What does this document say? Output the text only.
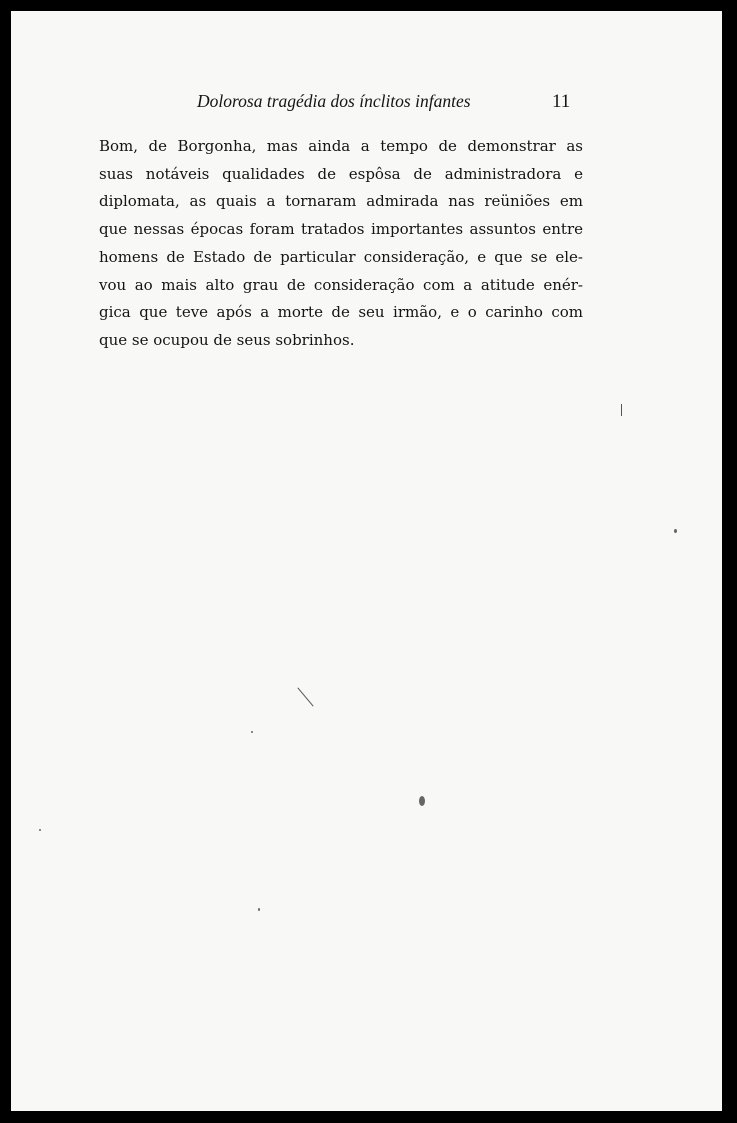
Dolorosa tragédia dos ínclitos infantes	11

Bom, de Borgonha, mas ainda a tempo de demonstrar as
suas notáveis qualidades de espôsa de administradora e
diplomata, as quais a tornaram admirada nas reüniões em
que nessas épocas foram tratados importantes assuntos entre
homens de Estado de particular consideração, e que se ele-
vou ao mais alto grau de consideração com a atitude enér-
gica que teve após a morte de seu irmão, e o carinho com
que se ocupou de seus sobrinhos.
